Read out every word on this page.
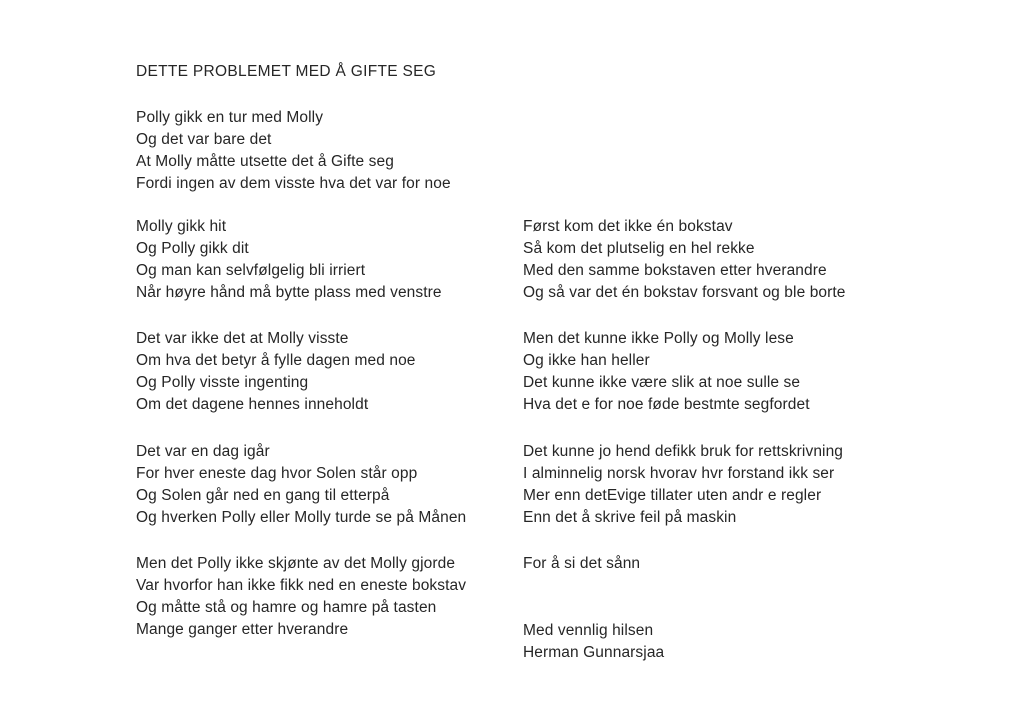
DETTE PROBLEMET MED Å GIFTE SEG
Polly gikk en tur med Molly
Og det var bare det
At Molly måtte utsette det å Gifte seg
Fordi ingen av dem visste hva det var for noe
Molly gikk hit
Og Polly gikk dit
Og man kan selvfølgelig bli irriert
Når høyre hånd må bytte plass med venstre
Det var ikke det at Molly visste
Om hva det betyr å fylle dagen med noe
Og Polly visste ingenting
Om det dagene hennes inneholdt
Det var en dag igår
For hver eneste dag hvor Solen står opp
Og Solen går ned en gang til etterpå
Og hverken Polly eller Molly turde se på Månen
Men det Polly ikke skjønte av det Molly gjorde
Var hvorfor han ikke fikk ned en eneste bokstav
Og måtte stå og hamre og hamre på tasten
Mange ganger etter hverandre
Først kom det ikke én bokstav
Så kom det plutselig en hel rekke
Med den samme bokstaven etter hverandre
Og så var det én bokstav forsvant og ble borte
Men det kunne ikke Polly og Molly lese
Og ikke han heller
Det kunne ikke være slik at noe sulle se
Hva det e for noe føde bestmte segfordet
Det kunne jo hend defikk bruk for rettskrivning
I alminnelig norsk hvorav hvr forstand ikk ser
Mer enn detEvige tillater uten andr e regler
Enn det å skrive feil på maskin
For å si det sånn
Med vennlig hilsen
Herman Gunnarsjaa
